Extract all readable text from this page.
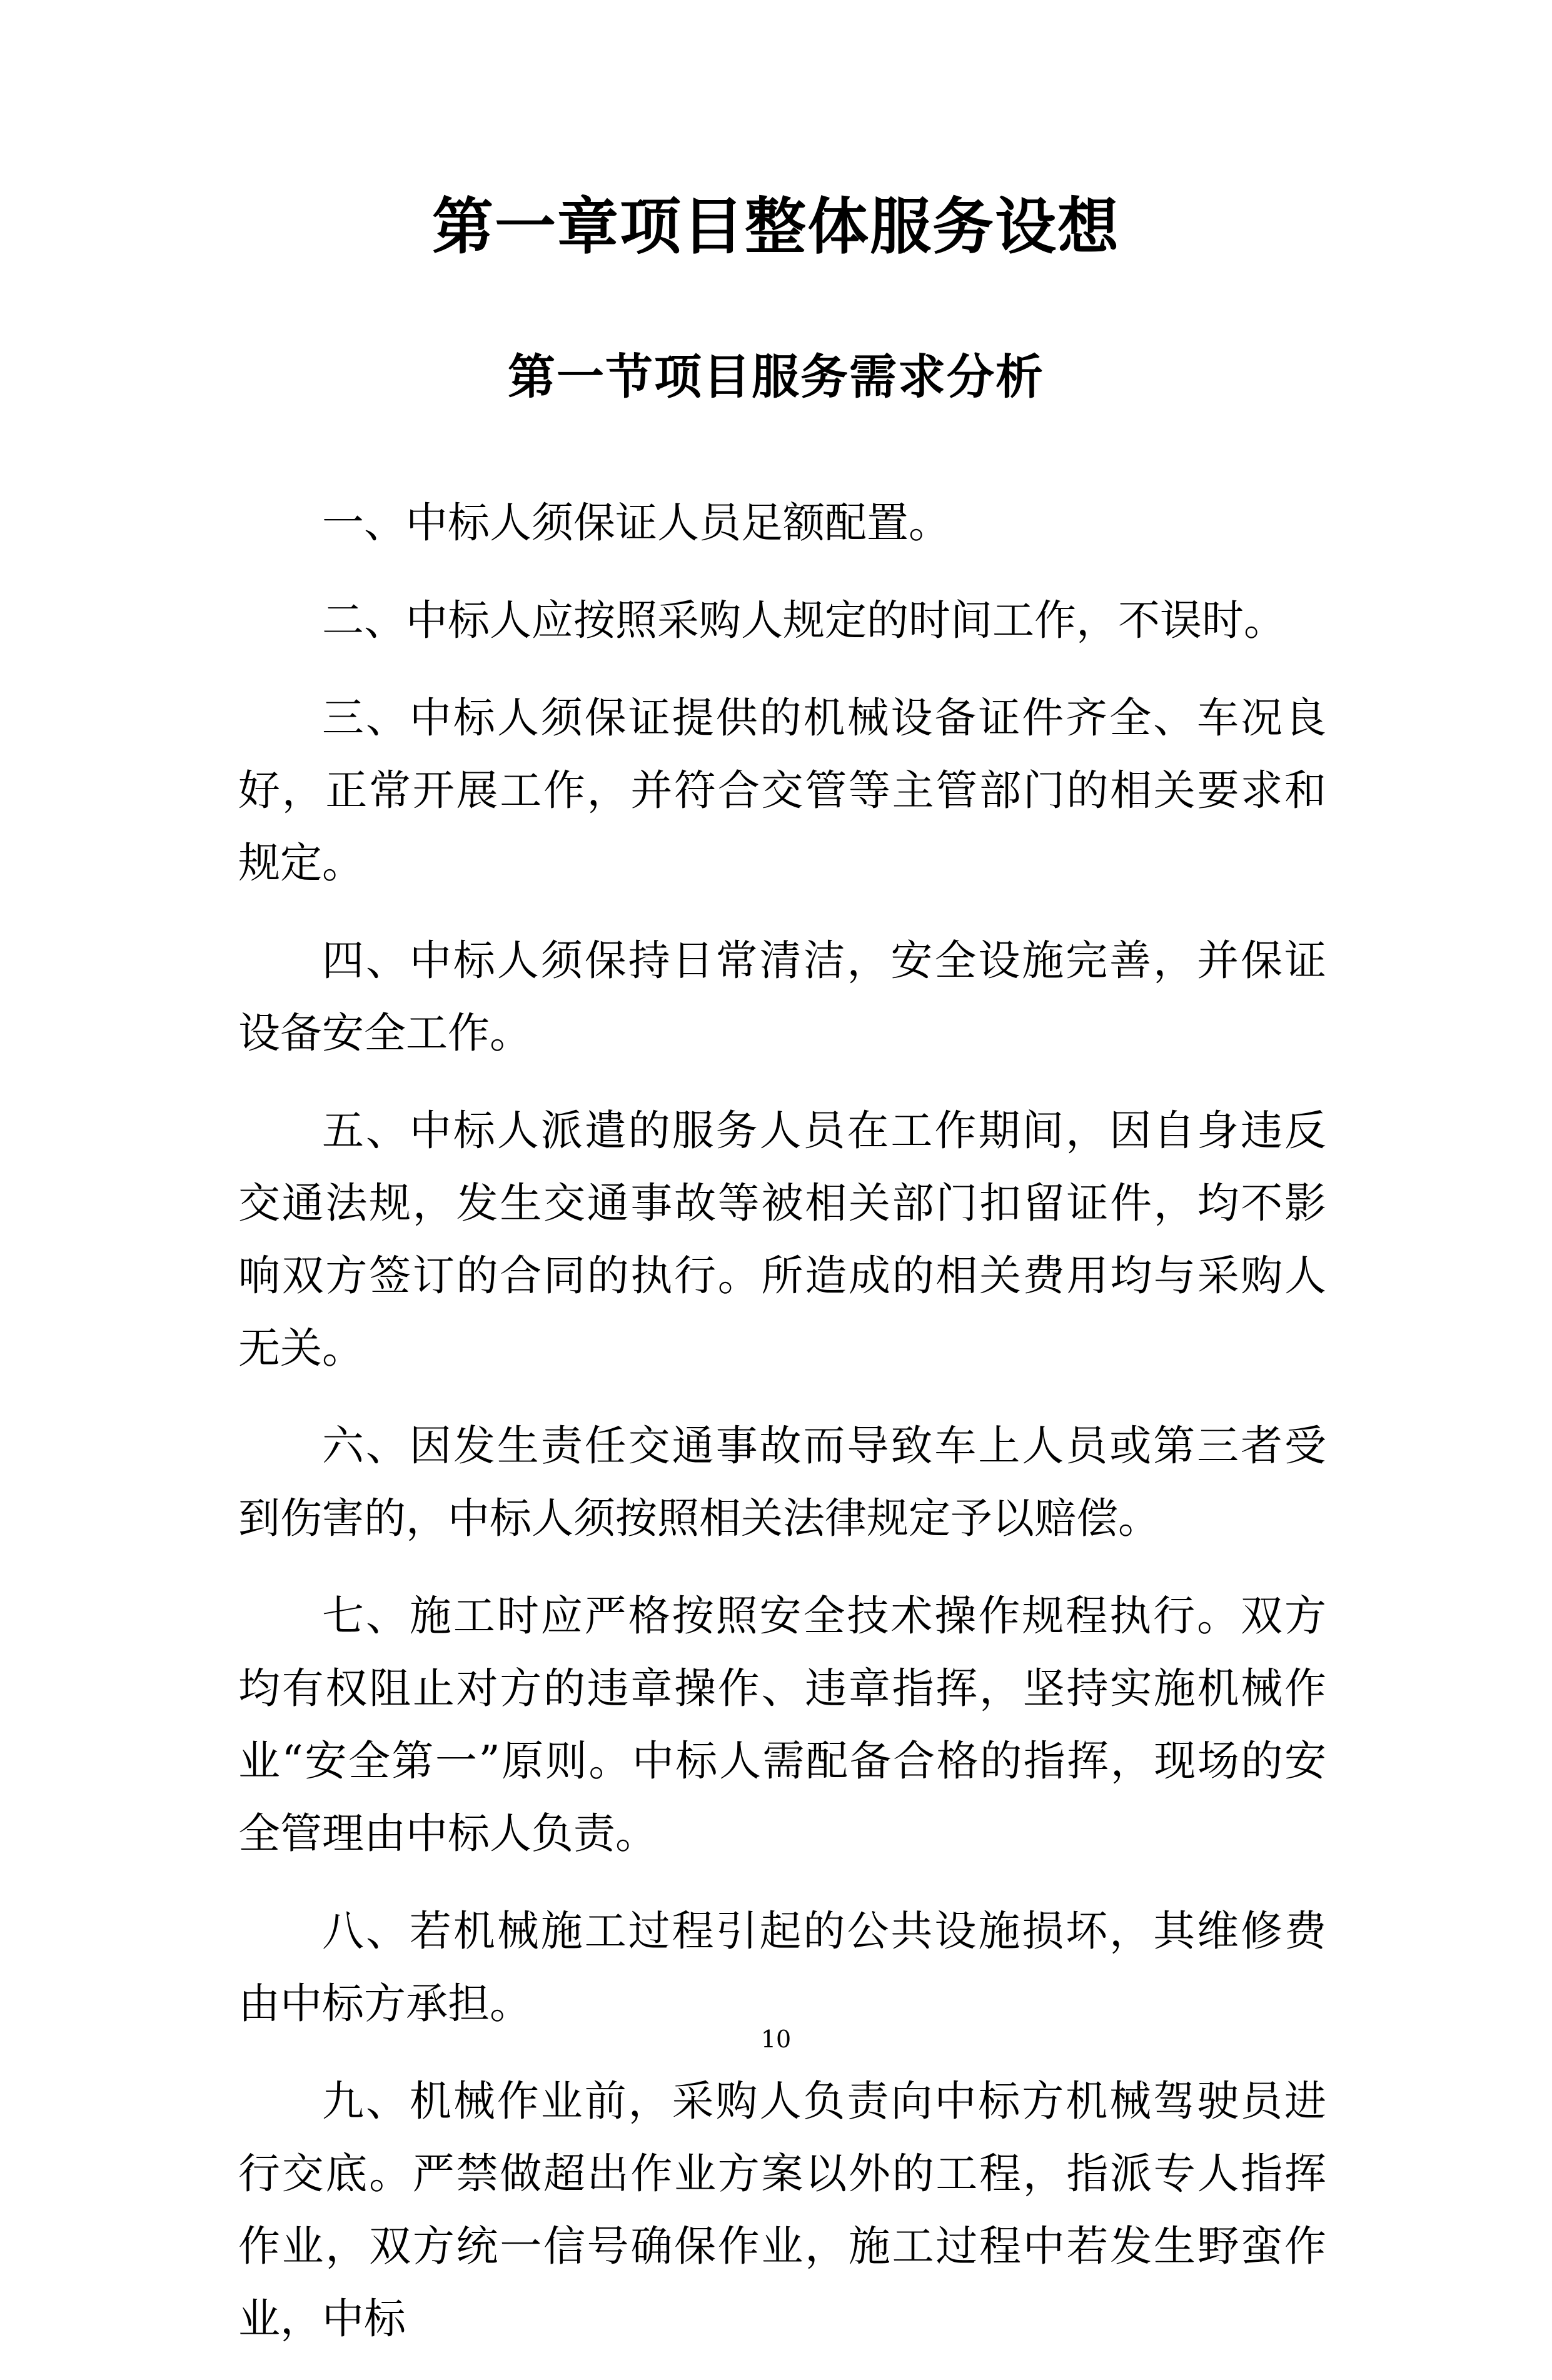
第一章项目整体服务设想
第一节项目服务需求分析

一、中标人须保证人员足额配置。

二、中标人应按照采购人规定的时间工作，不误时。

三、中标人须保证提供的机械设备证件齐全、车况良好，正常开展工作，并符合交管等主管部门的相关要求和规定。

四、中标人须保持日常清洁，安全设施完善，并保证设备安全工作。

五、中标人派遣的服务人员在工作期间，因自身违反交通法规，发生交通事故等被相关部门扣留证件，均不影响双方签订的合同的执行。所造成的相关费用均与采购人无关。

六、因发生责任交通事故而导致车上人员或第三者受到伤害的，中标人须按照相关法律规定予以赔偿。

七、施工时应严格按照安全技术操作规程执行。双方均有权阻止对方的违章操作、违章指挥，坚持实施机械作业“安全第一”原则。中标人需配备合格的指挥，现场的安全管理由中标人负责。

八、若机械施工过程引起的公共设施损坏，其维修费由中标方承担。

九、机械作业前，采购人负责向中标方机械驾驶员进行交底。严禁做超出作业方案以外的工程，指派专人指挥作业，双方统一信号确保作业，施工过程中若发生野蛮作业，中标

10
